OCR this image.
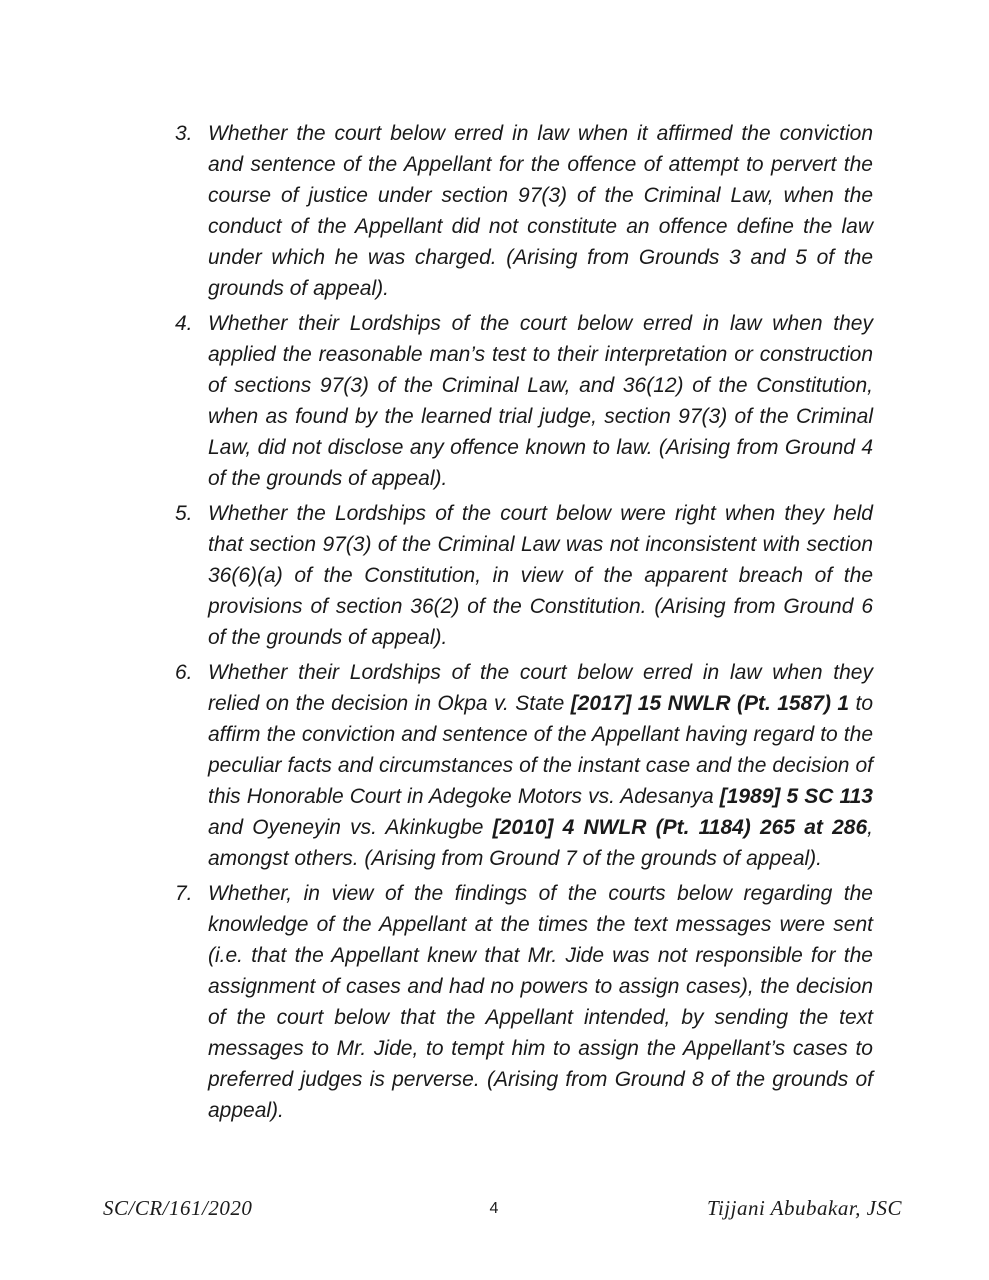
3. Whether the court below erred in law when it affirmed the conviction and sentence of the Appellant for the offence of attempt to pervert the course of justice under section 97(3) of the Criminal Law, when the conduct of the Appellant did not constitute an offence define the law under which he was charged. (Arising from Grounds 3 and 5 of the grounds of appeal).
4. Whether their Lordships of the court below erred in law when they applied the reasonable man’s test to their interpretation or construction of sections 97(3) of the Criminal Law, and 36(12) of the Constitution, when as found by the learned trial judge, section 97(3) of the Criminal Law, did not disclose any offence known to law. (Arising from Ground 4 of the grounds of appeal).
5. Whether the Lordships of the court below were right when they held that section 97(3) of the Criminal Law was not inconsistent with section 36(6)(a) of the Constitution, in view of the apparent breach of the provisions of section 36(2) of the Constitution. (Arising from Ground 6 of the grounds of appeal).
6. Whether their Lordships of the court below erred in law when they relied on the decision in Okpa v. State [2017] 15 NWLR (Pt. 1587) 1 to affirm the conviction and sentence of the Appellant having regard to the peculiar facts and circumstances of the instant case and the decision of this Honorable Court in Adegoke Motors vs. Adesanya [1989] 5 SC 113 and Oyeneyin vs. Akinkugbe [2010] 4 NWLR (Pt. 1184) 265 at 286, amongst others. (Arising from Ground 7 of the grounds of appeal).
7. Whether, in view of the findings of the courts below regarding the knowledge of the Appellant at the times the text messages were sent (i.e. that the Appellant knew that Mr. Jide was not responsible for the assignment of cases and had no powers to assign cases), the decision of the court below that the Appellant intended, by sending the text messages to Mr. Jide, to tempt him to assign the Appellant’s cases to preferred judges is perverse. (Arising from Ground 8 of the grounds of appeal).
SC/CR/161/2020	4	Tijjani Abubakar, JSC
